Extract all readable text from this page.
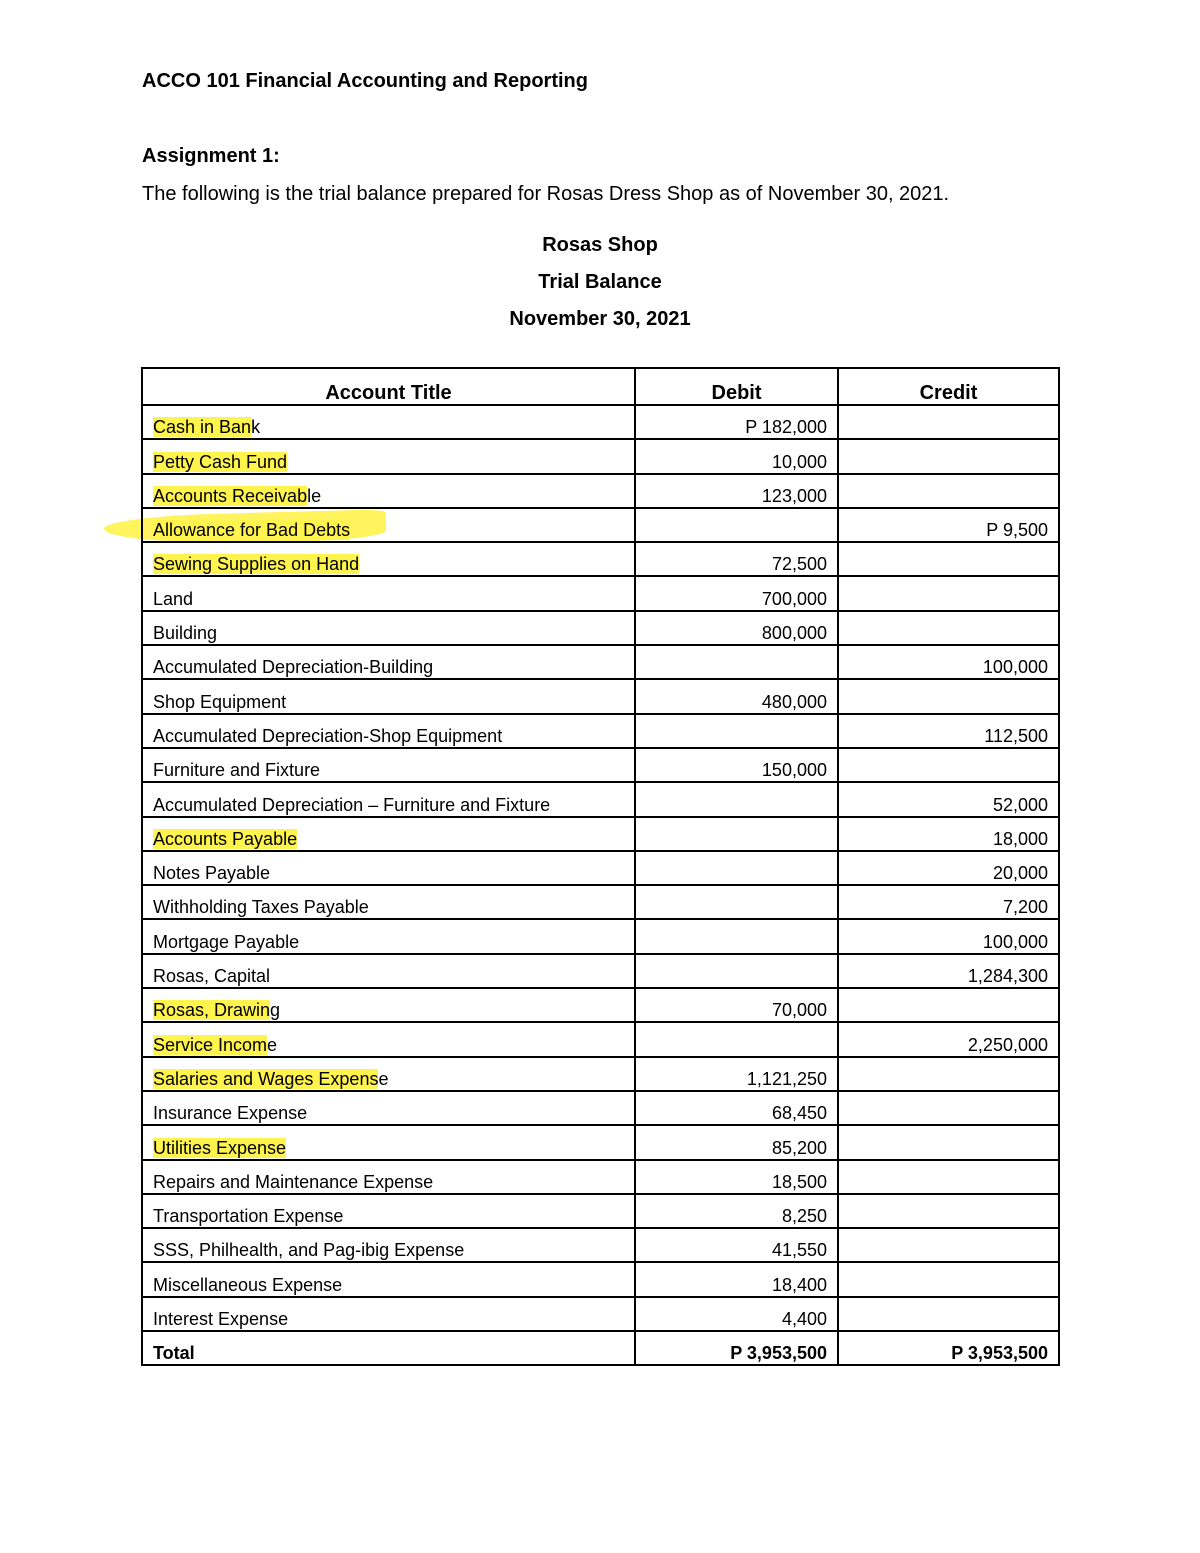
ACCO 101 Financial Accounting and Reporting
Assignment 1:
The following is the trial balance prepared for Rosas Dress Shop as of November 30, 2021.
Rosas Shop
Trial Balance
November 30, 2021
Account Title	Debit	Credit
Cash in Bank	P 182,000	
Petty Cash Fund	10,000	
Accounts Receivable	123,000	
Allowance for Bad Debts		P 9,500
Sewing Supplies on Hand	72,500	
Land	700,000	
Building	800,000	
Accumulated Depreciation-Building		100,000
Shop Equipment	480,000	
Accumulated Depreciation-Shop Equipment		112,500
Furniture and Fixture	150,000	
Accumulated Depreciation – Furniture and Fixture		52,000
Accounts Payable		18,000
Notes Payable		20,000
Withholding Taxes Payable		7,200
Mortgage Payable		100,000
Rosas, Capital		1,284,300
Rosas, Drawing	70,000	
Service Income		2,250,000
Salaries and Wages Expense	1,121,250	
Insurance Expense	68,450	
Utilities Expense	85,200	
Repairs and Maintenance Expense	18,500	
Transportation Expense	8,250	
SSS, Philhealth, and Pag-ibig Expense	41,550	
Miscellaneous Expense	18,400	
Interest Expense	4,400	
Total	P 3,953,500	P 3,953,500
